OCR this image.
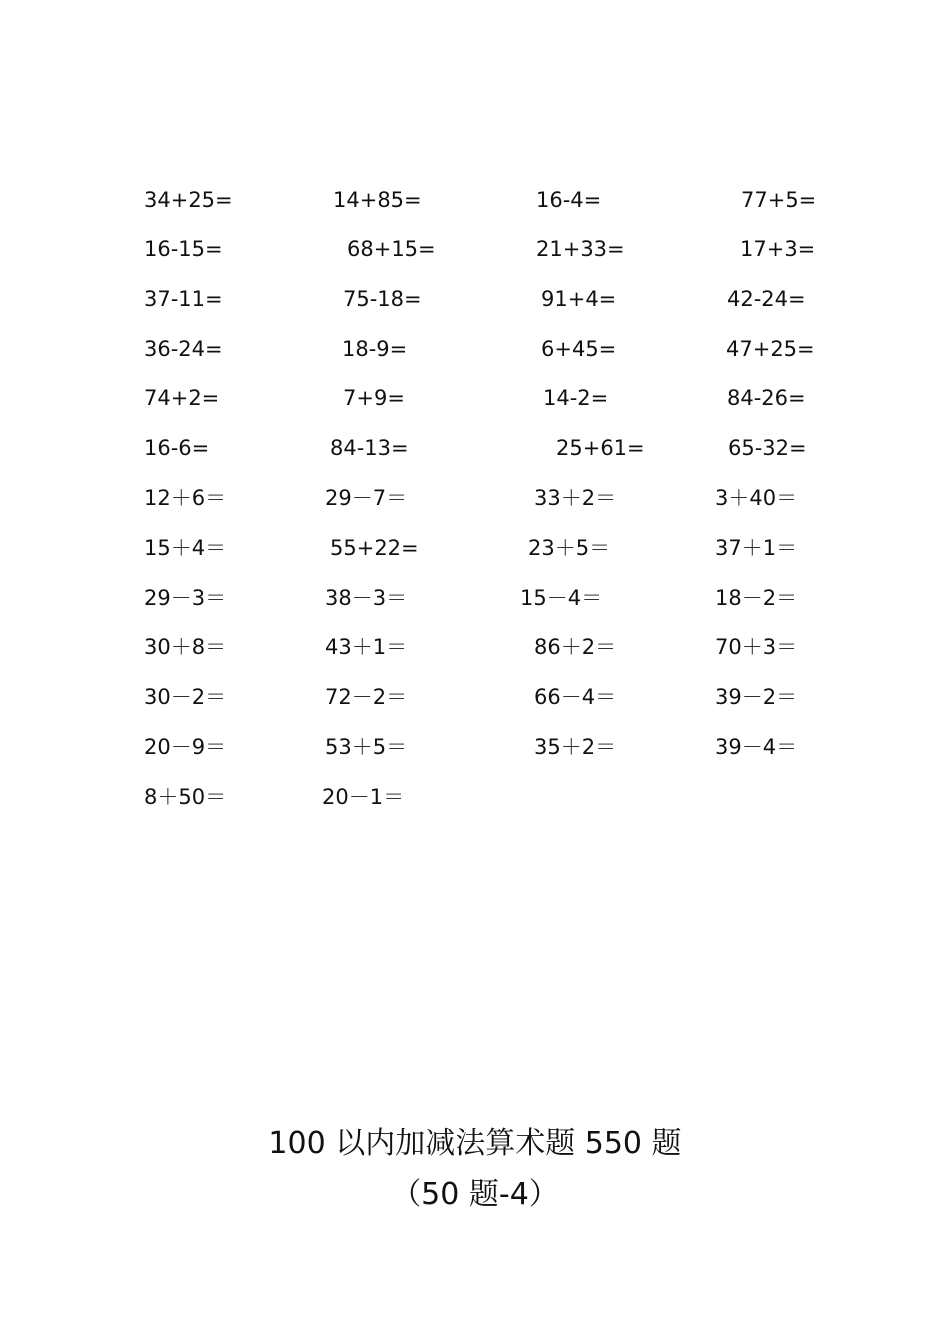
34+25=	14+85=	16-4=	77+5=
16-15=	68+15=	21+33=	17+3=
37-11=	75-18=	91+4=	42-24=
36-24=	18-9=	6+45=	47+25=
74+2=	7+9=	14-2=	84-26=
16-6=	84-13=	25+61=	65-32=
12＋6＝	29－7＝	33＋2＝	3＋40＝
15＋4＝	55+22=	23＋5＝	37＋1＝
29－3＝	38－3＝	15－4＝	18－2＝
30＋8＝	43＋1＝	86＋2＝	70＋3＝
30－2＝	72－2＝	66－4＝	39－2＝
20－9＝	53＋5＝	35＋2＝	39－4＝
8＋50＝	20－1＝
100 以内加减法算术题 550 题
（50 题-4）
